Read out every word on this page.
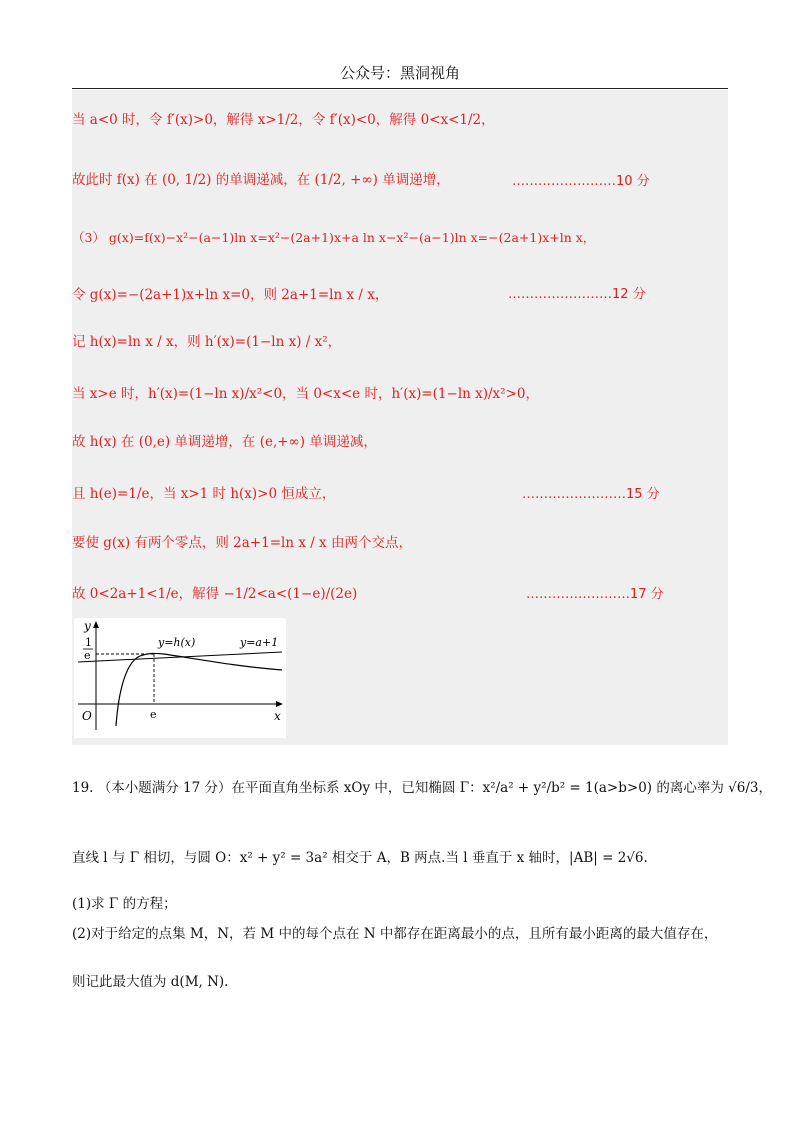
公众号：黑洞视角
当 a<0 时，令 f′(x)>0，解得 x>1/2，令 f′(x)<0，解得 0<x<1/2，
故此时 f(x) 在 (0, 1/2) 的单调递减，在 (1/2, +∞) 单调递增，	……………………10 分
（3） g(x)=f(x)−x²−(a−1)ln x=x²−(2a+1)x+a ln x−x²−(a−1)ln x=−(2a+1)x+ln x，
令 g(x)=−(2a+1)x+ln x=0，则 2a+1=ln x / x，	……………………12 分
记 h(x)=ln x / x，则 h′(x)=(1−ln x) / x²，
当 x>e 时，h′(x)=(1−ln x)/x²<0，当 0<x<e 时，h′(x)=(1−ln x)/x²>0，
故 h(x) 在 (0,e) 单调递增，在 (e,+∞) 单调递减，
且 h(e)=1/e，当 x>1 时 h(x)>0 恒成立，	……………………15 分
要使 g(x) 有两个零点，则 2a+1=ln x / x 由两个交点，
故 0<2a+1<1/e，解得 −1/2<a<(1−e)/(2e)	……………………17 分
y
x
O
1
e
e
y=h(x)	y=a+1
19. （本小题满分 17 分）在平面直角坐标系 xOy 中，已知椭圆 Γ：x²/a² + y²/b² = 1(a>b>0) 的离心率为 √6/3，
直线 l 与 Γ 相切，与圆 O：x² + y² = 3a² 相交于 A，B 两点.当 l 垂直于 x 轴时，|AB| = 2√6.
(1)求 Γ 的方程；
(2)对于给定的点集 M，N，若 M 中的每个点在 N 中都存在距离最小的点，且所有最小距离的最大值存在，
则记此最大值为 d(M, N).
